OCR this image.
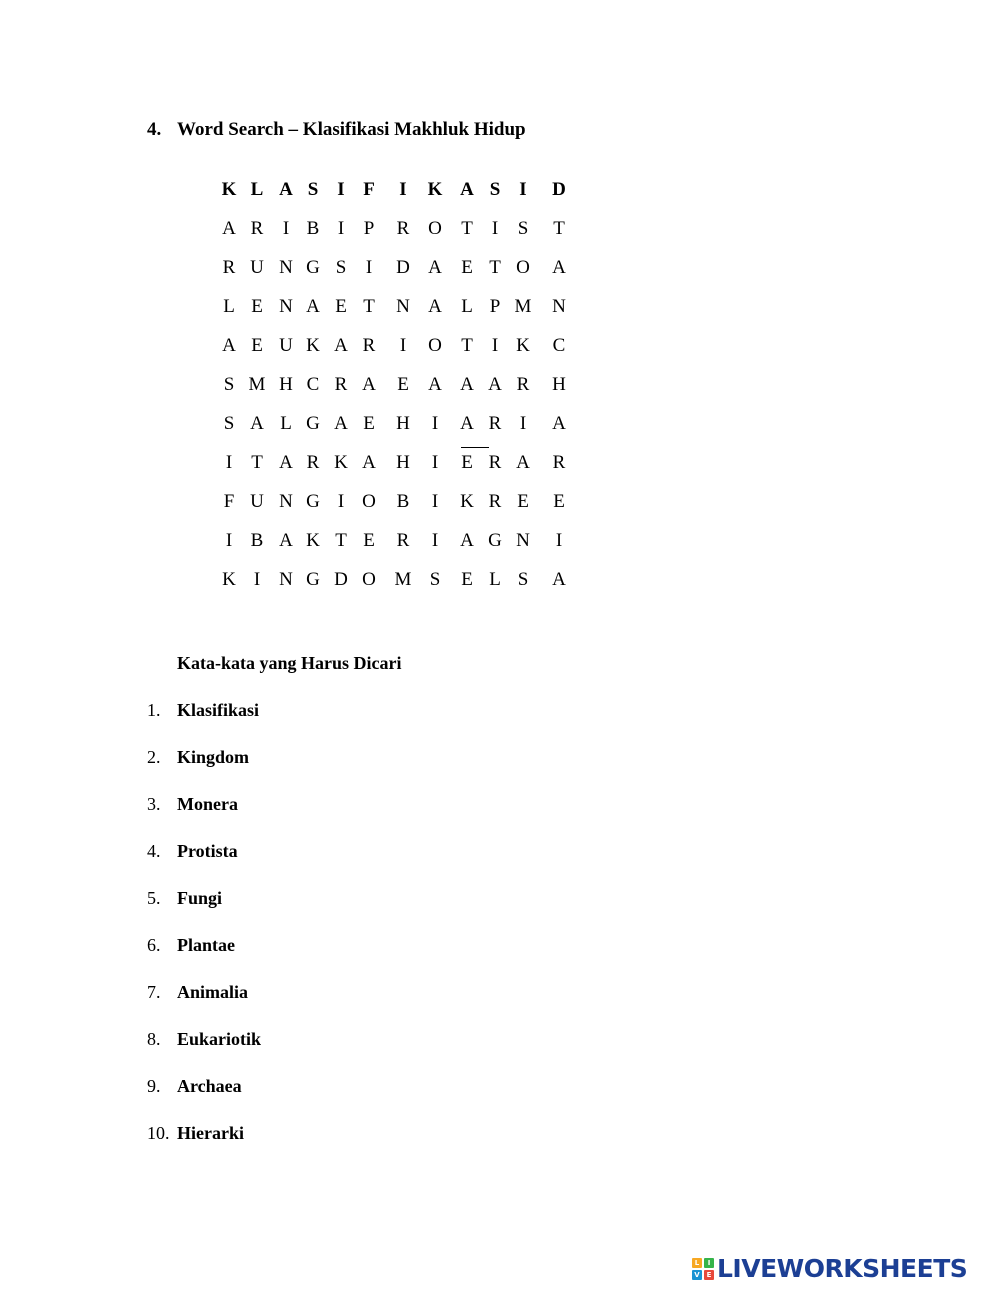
4. Word Search – Klasifikasi Makhluk Hidup
K L A S	I F	I	K A S	I	D
A R	I B I	P R O T	I	S T
R U N G S	I	D A E T O A
L E N A E T N A L P M N
A E U K A R	I	O T	I K C
S M H C R A E A A A R H
S A L G A E H	I	A R I	A
I	T A R K A H	I	E R A R
F U N G I O B	I	K R E E
I B A K T E R	I	A G N	I
K I N G D O M S E L S A
Kata-kata yang Harus Dicari
1. Klasifikasi
2. Kingdom
3. Monera
4. Protista
5. Fungi
6. Plantae
7. Animalia
8. Eukariotik
9. Archaea
10. Hierarki
L	I
V E LIVEWORKSHEETS
